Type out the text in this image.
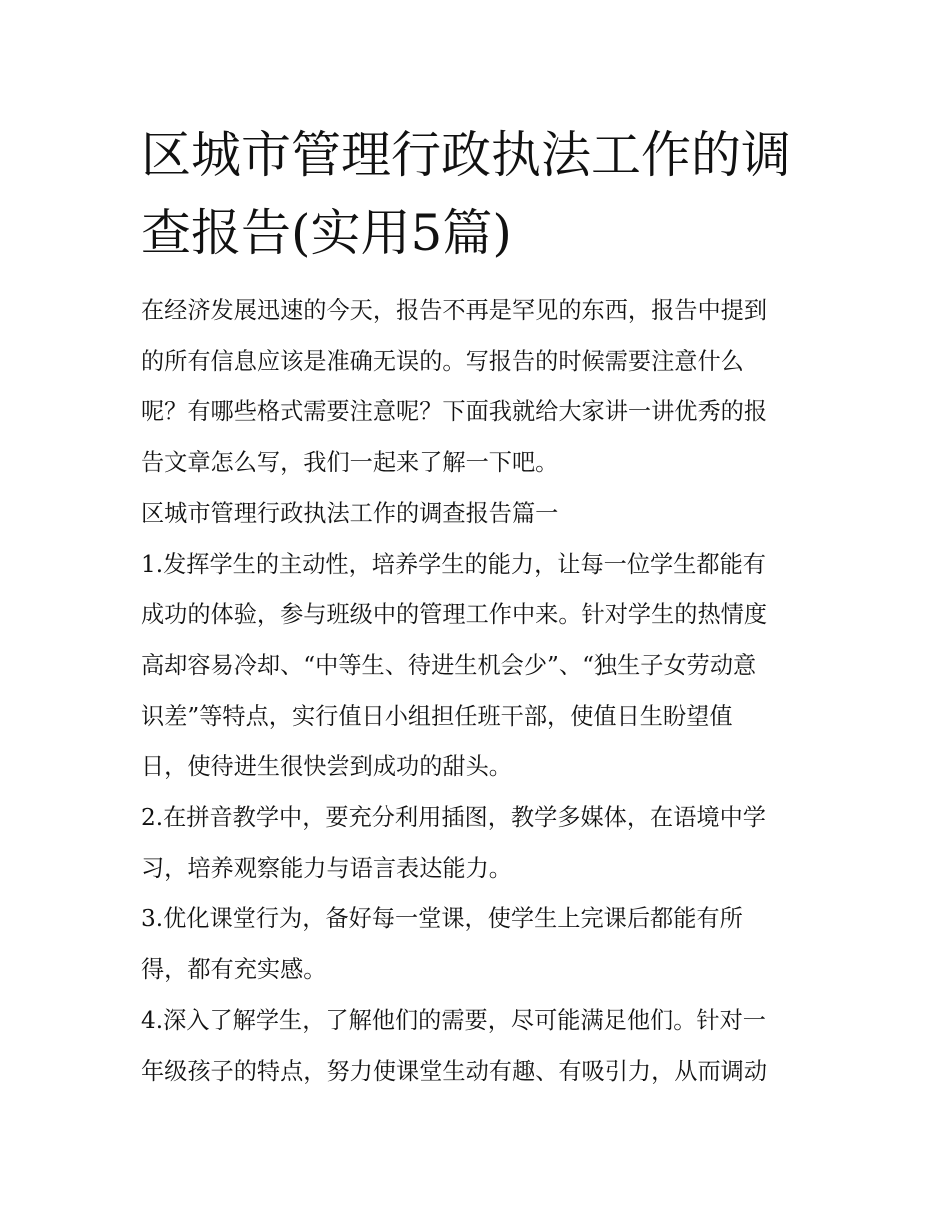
区城市管理行政执法工作的调
查报告(实用5篇)

在经济发展迅速的今天，报告不再是罕见的东西，报告中提到
的所有信息应该是准确无误的。写报告的时候需要注意什么
呢？有哪些格式需要注意呢？下面我就给大家讲一讲优秀的报
告文章怎么写，我们一起来了解一下吧。

区城市管理行政执法工作的调查报告篇一

1.发挥学生的主动性，培养学生的能力，让每一位学生都能有
成功的体验，参与班级中的管理工作中来。针对学生的热情度
高却容易冷却、“中等生、待进生机会少”、“独生子女劳动意
识差”等特点，实行值日小组担任班干部，使值日生盼望值
日，使待进生很快尝到成功的甜头。

2.在拼音教学中，要充分利用插图，教学多媒体，在语境中学
习，培养观察能力与语言表达能力。

3.优化课堂行为，备好每一堂课，使学生上完课后都能有所
得，都有充实感。

4.深入了解学生，了解他们的需要，尽可能满足他们。针对一
年级孩子的特点，努力使课堂生动有趣、有吸引力，从而调动
